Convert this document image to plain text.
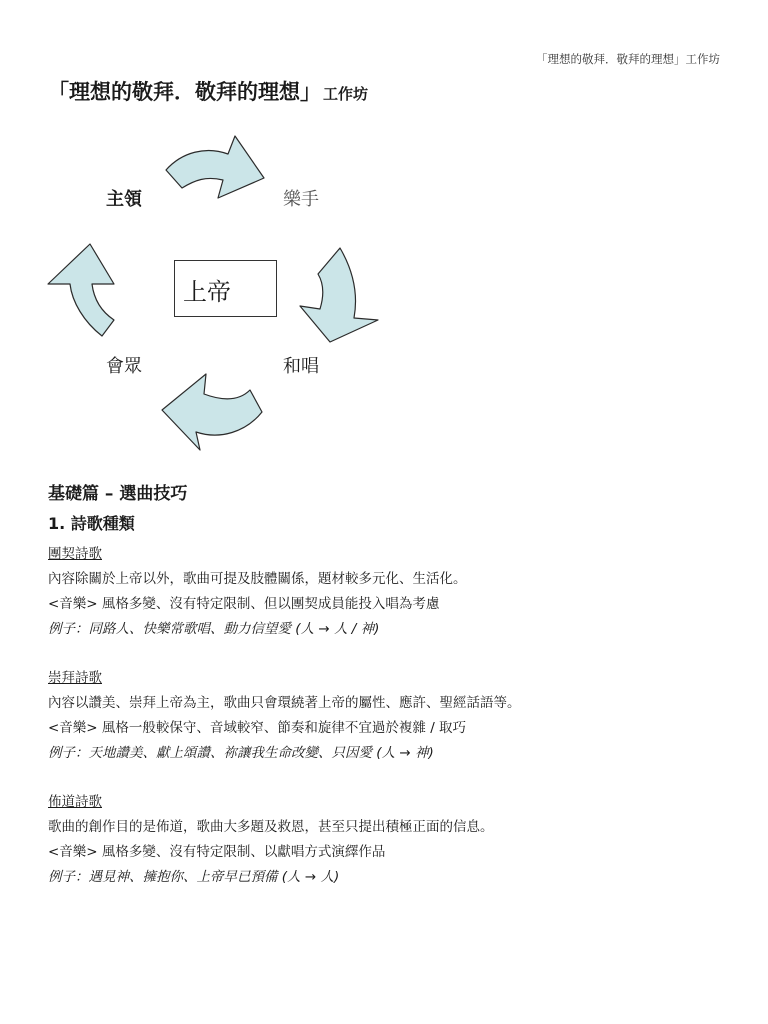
「理想的敬拜．敬拜的理想」工作坊
「理想的敬拜．敬拜的理想」 工作坊
主領	樂手
會眾	和唱
上帝
基礎篇 – 選曲技巧
1. 詩歌種類
團契詩歌
內容除關於上帝以外，歌曲可提及肢體關係，題材較多元化、生活化。
<音樂> 風格多變、沒有特定限制、但以團契成員能投入唱為考慮
例子：同路人、快樂常歌唱、動力信望愛 (人 → 人 / 神)
崇拜詩歌
內容以讚美、崇拜上帝為主，歌曲只會環繞著上帝的屬性、應許、聖經話語等。
<音樂> 風格一般較保守、音域較窄、節奏和旋律不宜過於複雜 / 取巧
例子：天地讚美、獻上頌讚、祢讓我生命改變、只因愛 (人 → 神)
佈道詩歌
歌曲的創作目的是佈道，歌曲大多題及救恩，甚至只提出積極正面的信息。
<音樂> 風格多變、沒有特定限制、以獻唱方式演繹作品
例子：遇見神、擁抱你、上帝早已預備 (人 → 人)
